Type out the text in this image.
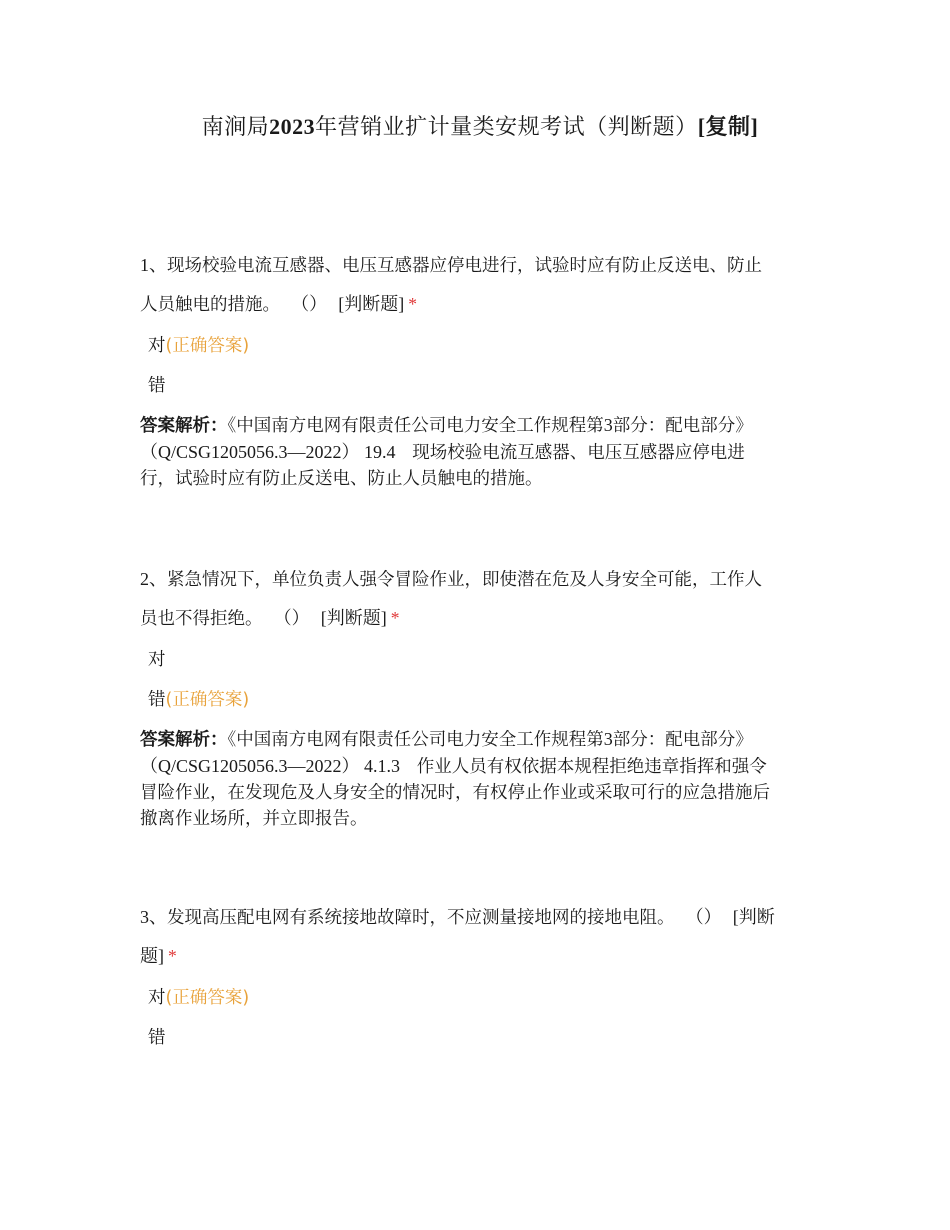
南涧局2023年营销业扩计量类安规考试（判断题）[复制]

1、现场校验电流互感器、电压互感器应停电进行，试验时应有防止反送电、防止
人员触电的措施。 （） [判断题] *

对(正确答案)
错

答案解析：《中国南方电网有限责任公司电力安全工作规程第3部分：配电部分》
（Q/CSG1205056.3—2022） 19.4 现场校验电流互感器、电压互感器应停电进
行，试验时应有防止反送电、防止人员触电的措施。

2、紧急情况下，单位负责人强令冒险作业，即使潜在危及人身安全可能，工作人
员也不得拒绝。 （） [判断题] *

对
错(正确答案)

答案解析：《中国南方电网有限责任公司电力安全工作规程第3部分：配电部分》
（Q/CSG1205056.3—2022） 4.1.3 作业人员有权依据本规程拒绝违章指挥和强令
冒险作业，在发现危及人身安全的情况时，有权停止作业或采取可行的应急措施后
撤离作业场所，并立即报告。

3、发现高压配电网有系统接地故障时，不应测量接地网的接地电阻。 （） [判断
题] *

对(正确答案)
错
